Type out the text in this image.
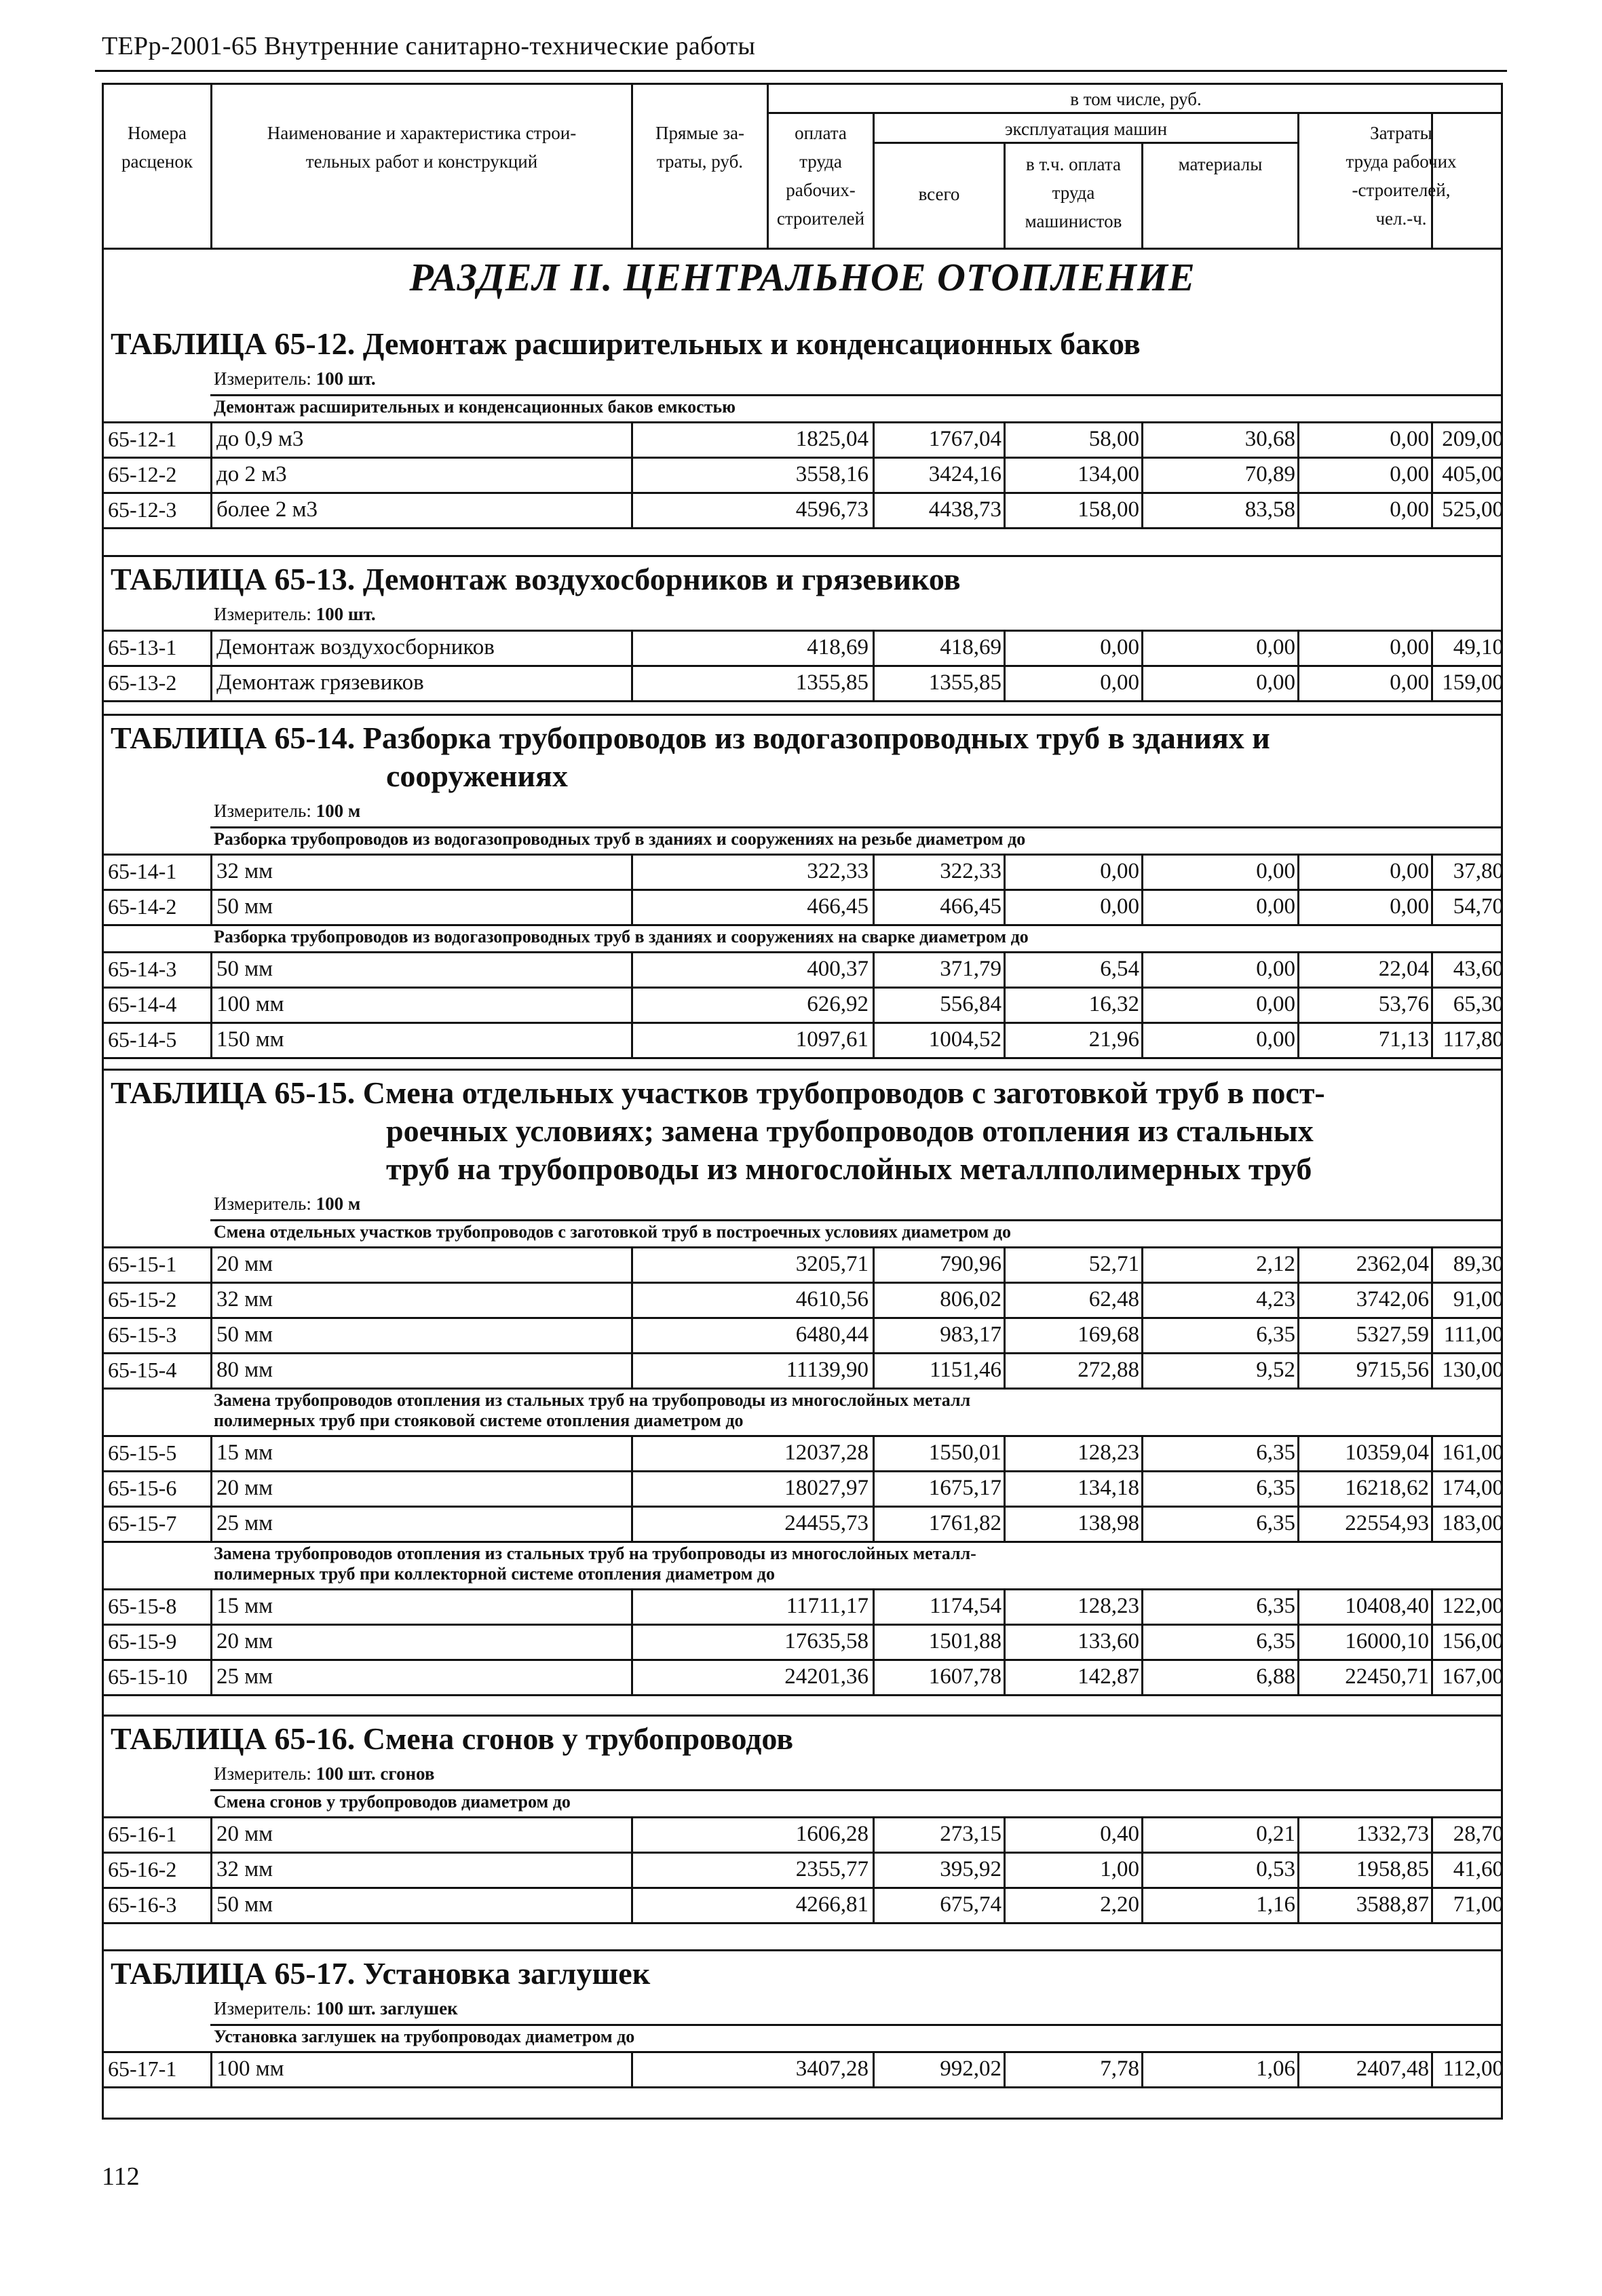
ТЕРр-2001-65 Внутренние санитарно-технические работы
Номера
расценок
Наименование и характеристика строи-
тельных работ и конструкций
Прямые за-
траты, руб.
в том числе, руб.
оплата
труда
рабочих-
строителей
эксплуатация машин
всего
в т.ч. оплата
труда
машинистов
материалы
Затраты
труда рабочих
-строителей,
чел.-ч.
РАЗДЕЛ II. ЦЕНТРАЛЬНОЕ ОТОПЛЕНИЕ
ТАБЛИЦА 65-12. Демонтаж расширительных и конденсационных баков
Измеритель: 100 шт.
Демонтаж расширительных и конденсационных баков емкостью
65-12-1	до 0,9 м3	1825,04	1767,04	58,00	30,68	0,00 209,00
65-12-2	до 2 м3	3558,16	3424,16	134,00	70,89	0,00 405,00
65-12-3	более 2 м3	4596,73	4438,73	158,00	83,58	0,00 525,00
ТАБЛИЦА 65-13. Демонтаж воздухосборников и грязевиков
Измеритель: 100 шт.
65-13-1	Демонтаж воздухосборников	418,69	418,69	0,00	0,00	0,00	49,10
65-13-2	Демонтаж грязевиков	1355,85	1355,85	0,00	0,00	0,00 159,00
ТАБЛИЦА 65-14. Разборка трубопроводов из водогазопроводных труб в зданиях и
сооружениях
Измеритель: 100 м
Разборка трубопроводов из водогазопроводных труб в зданиях и сооружениях на резьбе диаметром до
65-14-1	32 мм	322,33	322,33	0,00	0,00	0,00	37,80
65-14-2	50 мм	466,45	466,45	0,00	0,00	0,00	54,70
Разборка трубопроводов из водогазопроводных труб в зданиях и сооружениях на сварке диаметром до
65-14-3	50 мм	400,37	371,79	6,54	0,00	22,04	43,60
65-14-4	100 мм	626,92	556,84	16,32	0,00	53,76	65,30
65-14-5	150 мм	1097,61	1004,52	21,96	0,00	71,13 117,80
ТАБЛИЦА 65-15. Смена отдельных участков трубопроводов с заготовкой труб в пост-
роечных условиях; замена трубопроводов отопления из стальных
труб на трубопроводы из многослойных металлполимерных труб
Измеритель: 100 м
Смена отдельных участков трубопроводов с заготовкой труб в построечных условиях диаметром до
65-15-1	20 мм	3205,71	790,96	52,71	2,12	2362,04	89,30
65-15-2	32 мм	4610,56	806,02	62,48	4,23	3742,06	91,00
65-15-3	50 мм	6480,44	983,17	169,68	6,35	5327,59 111,00
65-15-4	80 мм	11139,90	1151,46	272,88	9,52	9715,56 130,00
Замена трубопроводов отопления из стальных труб на трубопроводы из многослойных металл
полимерных труб при стояковой системе отопления диаметром до
65-15-5	15 мм	12037,28	1550,01	128,23	6,35	10359,04 161,00
65-15-6	20 мм	18027,97	1675,17	134,18	6,35	16218,62 174,00
65-15-7	25 мм	24455,73	1761,82	138,98	6,35	22554,93 183,00
Замена трубопроводов отопления из стальных труб на трубопроводы из многослойных металл-
полимерных труб при коллекторной системе отопления диаметром до
65-15-8	15 мм	11711,17	1174,54	128,23	6,35	10408,40 122,00
65-15-9	20 мм	17635,58	1501,88	133,60	6,35	16000,10 156,00
65-15-10	25 мм	24201,36	1607,78	142,87	6,88	22450,71 167,00
ТАБЛИЦА 65-16. Смена сгонов у трубопроводов
Измеритель: 100 шт. сгонов
Смена сгонов у трубопроводов диаметром до
65-16-1	20 мм	1606,28	273,15	0,40	0,21	1332,73	28,70
65-16-2	32 мм	2355,77	395,92	1,00	0,53	1958,85	41,60
65-16-3	50 мм	4266,81	675,74	2,20	1,16	3588,87	71,00
ТАБЛИЦА 65-17. Установка заглушек
Измеритель: 100 шт. заглушек
Установка заглушек на трубопроводах диаметром до
65-17-1	100 мм	3407,28	992,02	7,78	1,06	2407,48 112,00
112
